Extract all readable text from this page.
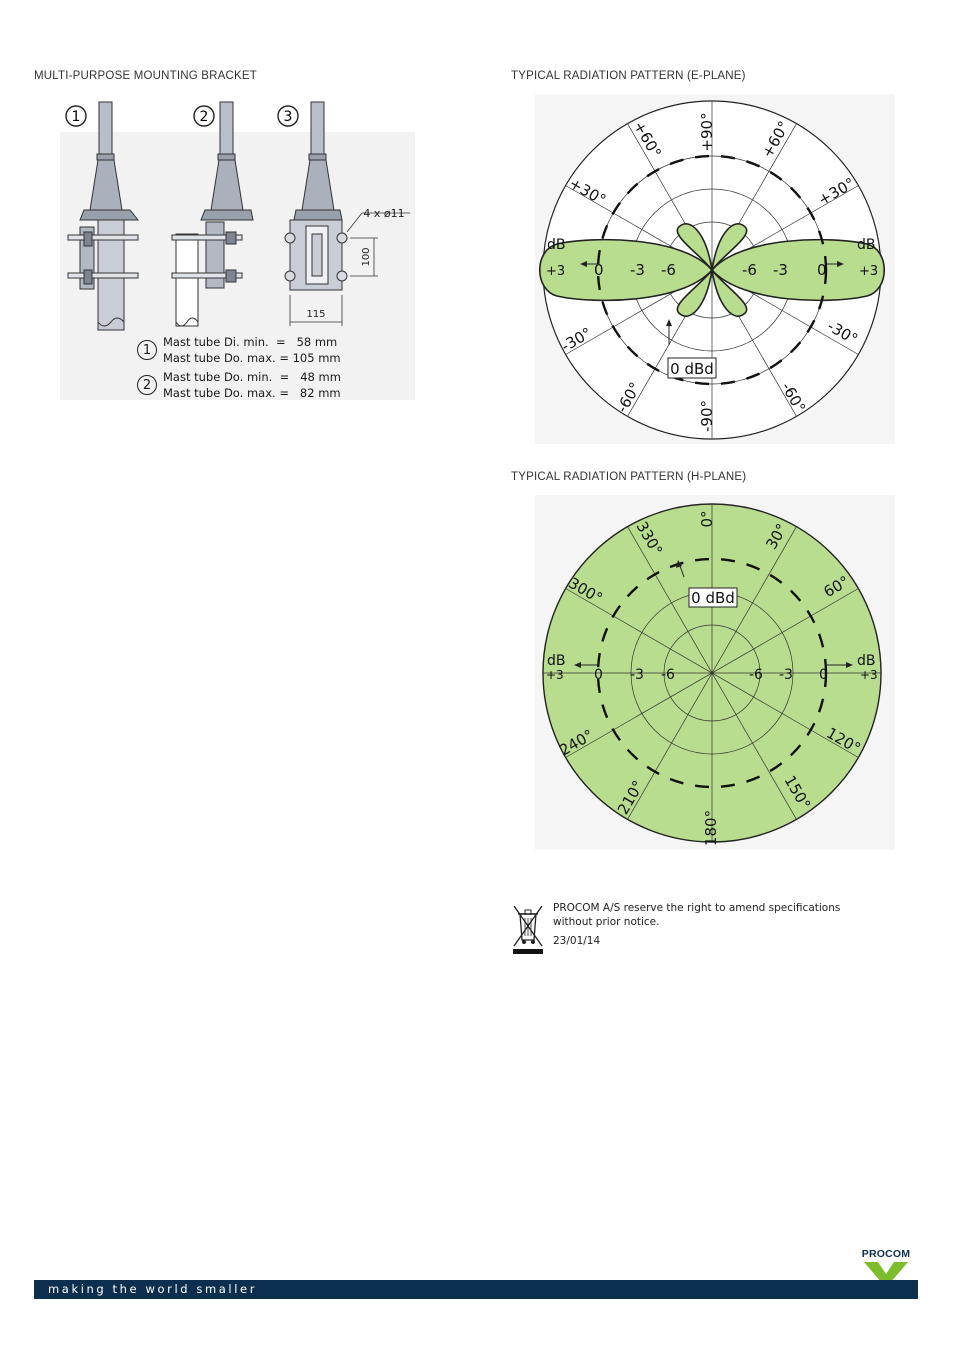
MULTI-PURPOSE MOUNTING BRACKET
1	2	3
4 x ø11
100
115
1
Mast tube Di. min.  =   58 mm
Mast tube Do. max. = 105 mm
2
Mast tube Do. min.  =   48 mm
Mast tube Do. max. =   82 mm
TYPICAL RADIATION PATTERN (E-PLANE)
+90°
-90°
+60°	+60°
+30°	+30°
-30°	-30°
-60°	-60°
dB	dB
+3 0 -3 -6	-6 -3 0 +3
0 dBd
TYPICAL RADIATION PATTERN (H-PLANE)
0°
30°
60°
120°
150°
180°
210°
240°
300°
330°
dB	dB
+3 0 -3 -6	-6 -3 0	+3
0 dBd
PROCOM A/S reserve the right to amend specifications
without prior notice.
23/01/14
PROCOM
making the world smaller
